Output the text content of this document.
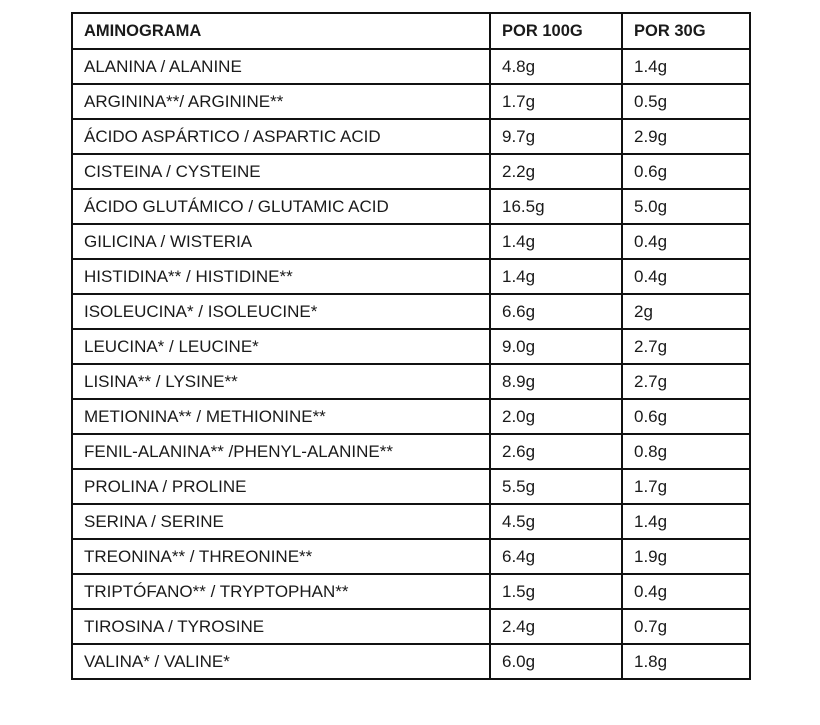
AMINOGRAMA	POR 100G	POR 30G
ALANINA / ALANINE	4.8g	1.4g
ARGININA**/ ARGININE**	1.7g	0.5g
ÁCIDO ASPÁRTICO / ASPARTIC ACID	9.7g	2.9g
CISTEINA / CYSTEINE	2.2g	0.6g
ÁCIDO GLUTÁMICO / GLUTAMIC ACID	16.5g	5.0g
GILICINA / WISTERIA	1.4g	0.4g
HISTIDINA** / HISTIDINE**	1.4g	0.4g
ISOLEUCINA* / ISOLEUCINE*	6.6g	2g
LEUCINA* / LEUCINE*	9.0g	2.7g
LISINA** / LYSINE**	8.9g	2.7g
METIONINA** / METHIONINE**	2.0g	0.6g
FENIL-ALANINA** /PHENYL-ALANINE**	2.6g	0.8g
PROLINA / PROLINE	5.5g	1.7g
SERINA / SERINE	4.5g	1.4g
TREONINA** / THREONINE**	6.4g	1.9g
TRIPTÓFANO** / TRYPTOPHAN**	1.5g	0.4g
TIROSINA / TYROSINE	2.4g	0.7g
VALINA* / VALINE*	6.0g	1.8g
